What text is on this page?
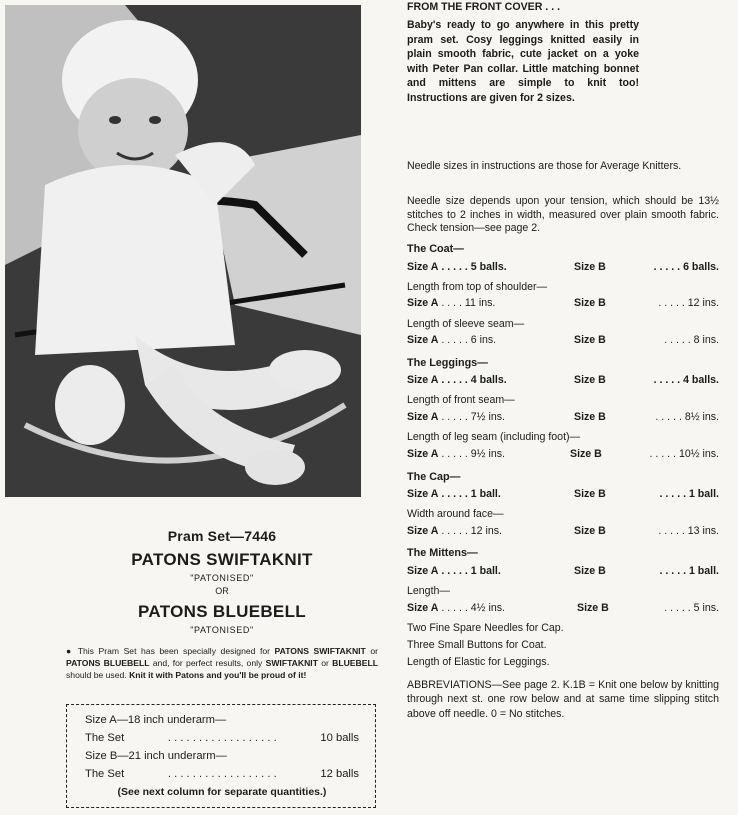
Pram Set—7446

PATONS SWIFTAKNIT

"PATONISED"

OR

PATONS BLUEBELL

"PATONISED"

● This Pram Set has been specially designed for PATONS SWIFTAKNIT or PATONS BLUEBELL and, for perfect results, only SWIFTAKNIT or BLUEBELL should be used. Knit it with Patons and you'll be proud of it!

Size A—18 inch underarm—
The Set	. . . . . . . . . . . . . . . . . .	10 balls
Size B—21 inch underarm—
The Set	. . . . . . . . . . . . . . . . . .	12 balls
(See next column for separate quantities.)

FROM THE FRONT COVER . . .

Baby's ready to go anywhere in this pretty pram set. Cosy leggings knitted easily in plain smooth fabric, cute jacket on a yoke with Peter Pan collar. Little matching bonnet and mittens are simple to knit too! Instructions are given for 2 sizes.

Needle sizes in instructions are those for Average Knitters.

Needle size depends upon your tension, which should be 13½ stitches to 2 inches in width, measured over plain smooth fabric. Check tension—see page 2.

The Coat—

Size A . . . . . 5 balls.	Size B	. . . . . 6 balls.

Length from top of shoulder—

Size A . . . . 11 ins.	Size B	. . . . . 12 ins.

Length of sleeve seam—

Size A . . . . . 6 ins.	Size B	. . . . . 8 ins.

The Leggings—

Size A . . . . . 4 balls.	Size B	. . . . . 4 balls.

Length of front seam—

Size A . . . . . 7½ ins.	Size B	. . . . . 8½ ins.

Length of leg seam (including foot)—

Size A . . . . . 9½ ins.	Size B	. . . . . 10½ ins.

The Cap—

Size A . . . . . 1 ball.	Size B	. . . . . 1 ball.

Width around face—

Size A . . . . . 12 ins.	Size B	. . . . . 13 ins.

The Mittens—

Size A . . . . . 1 ball.	Size B	. . . . . 1 ball.

Length—

Size A . . . . . 4½ ins.	Size B	. . . . . 5 ins.

Two Fine Spare Needles for Cap.

Three Small Buttons for Coat.

Length of Elastic for Leggings.

ABBREVIATIONS—See page 2. K.1B = Knit one below by knitting through next st. one row below and at same time slipping stitch above off needle. 0 = No stitches.
